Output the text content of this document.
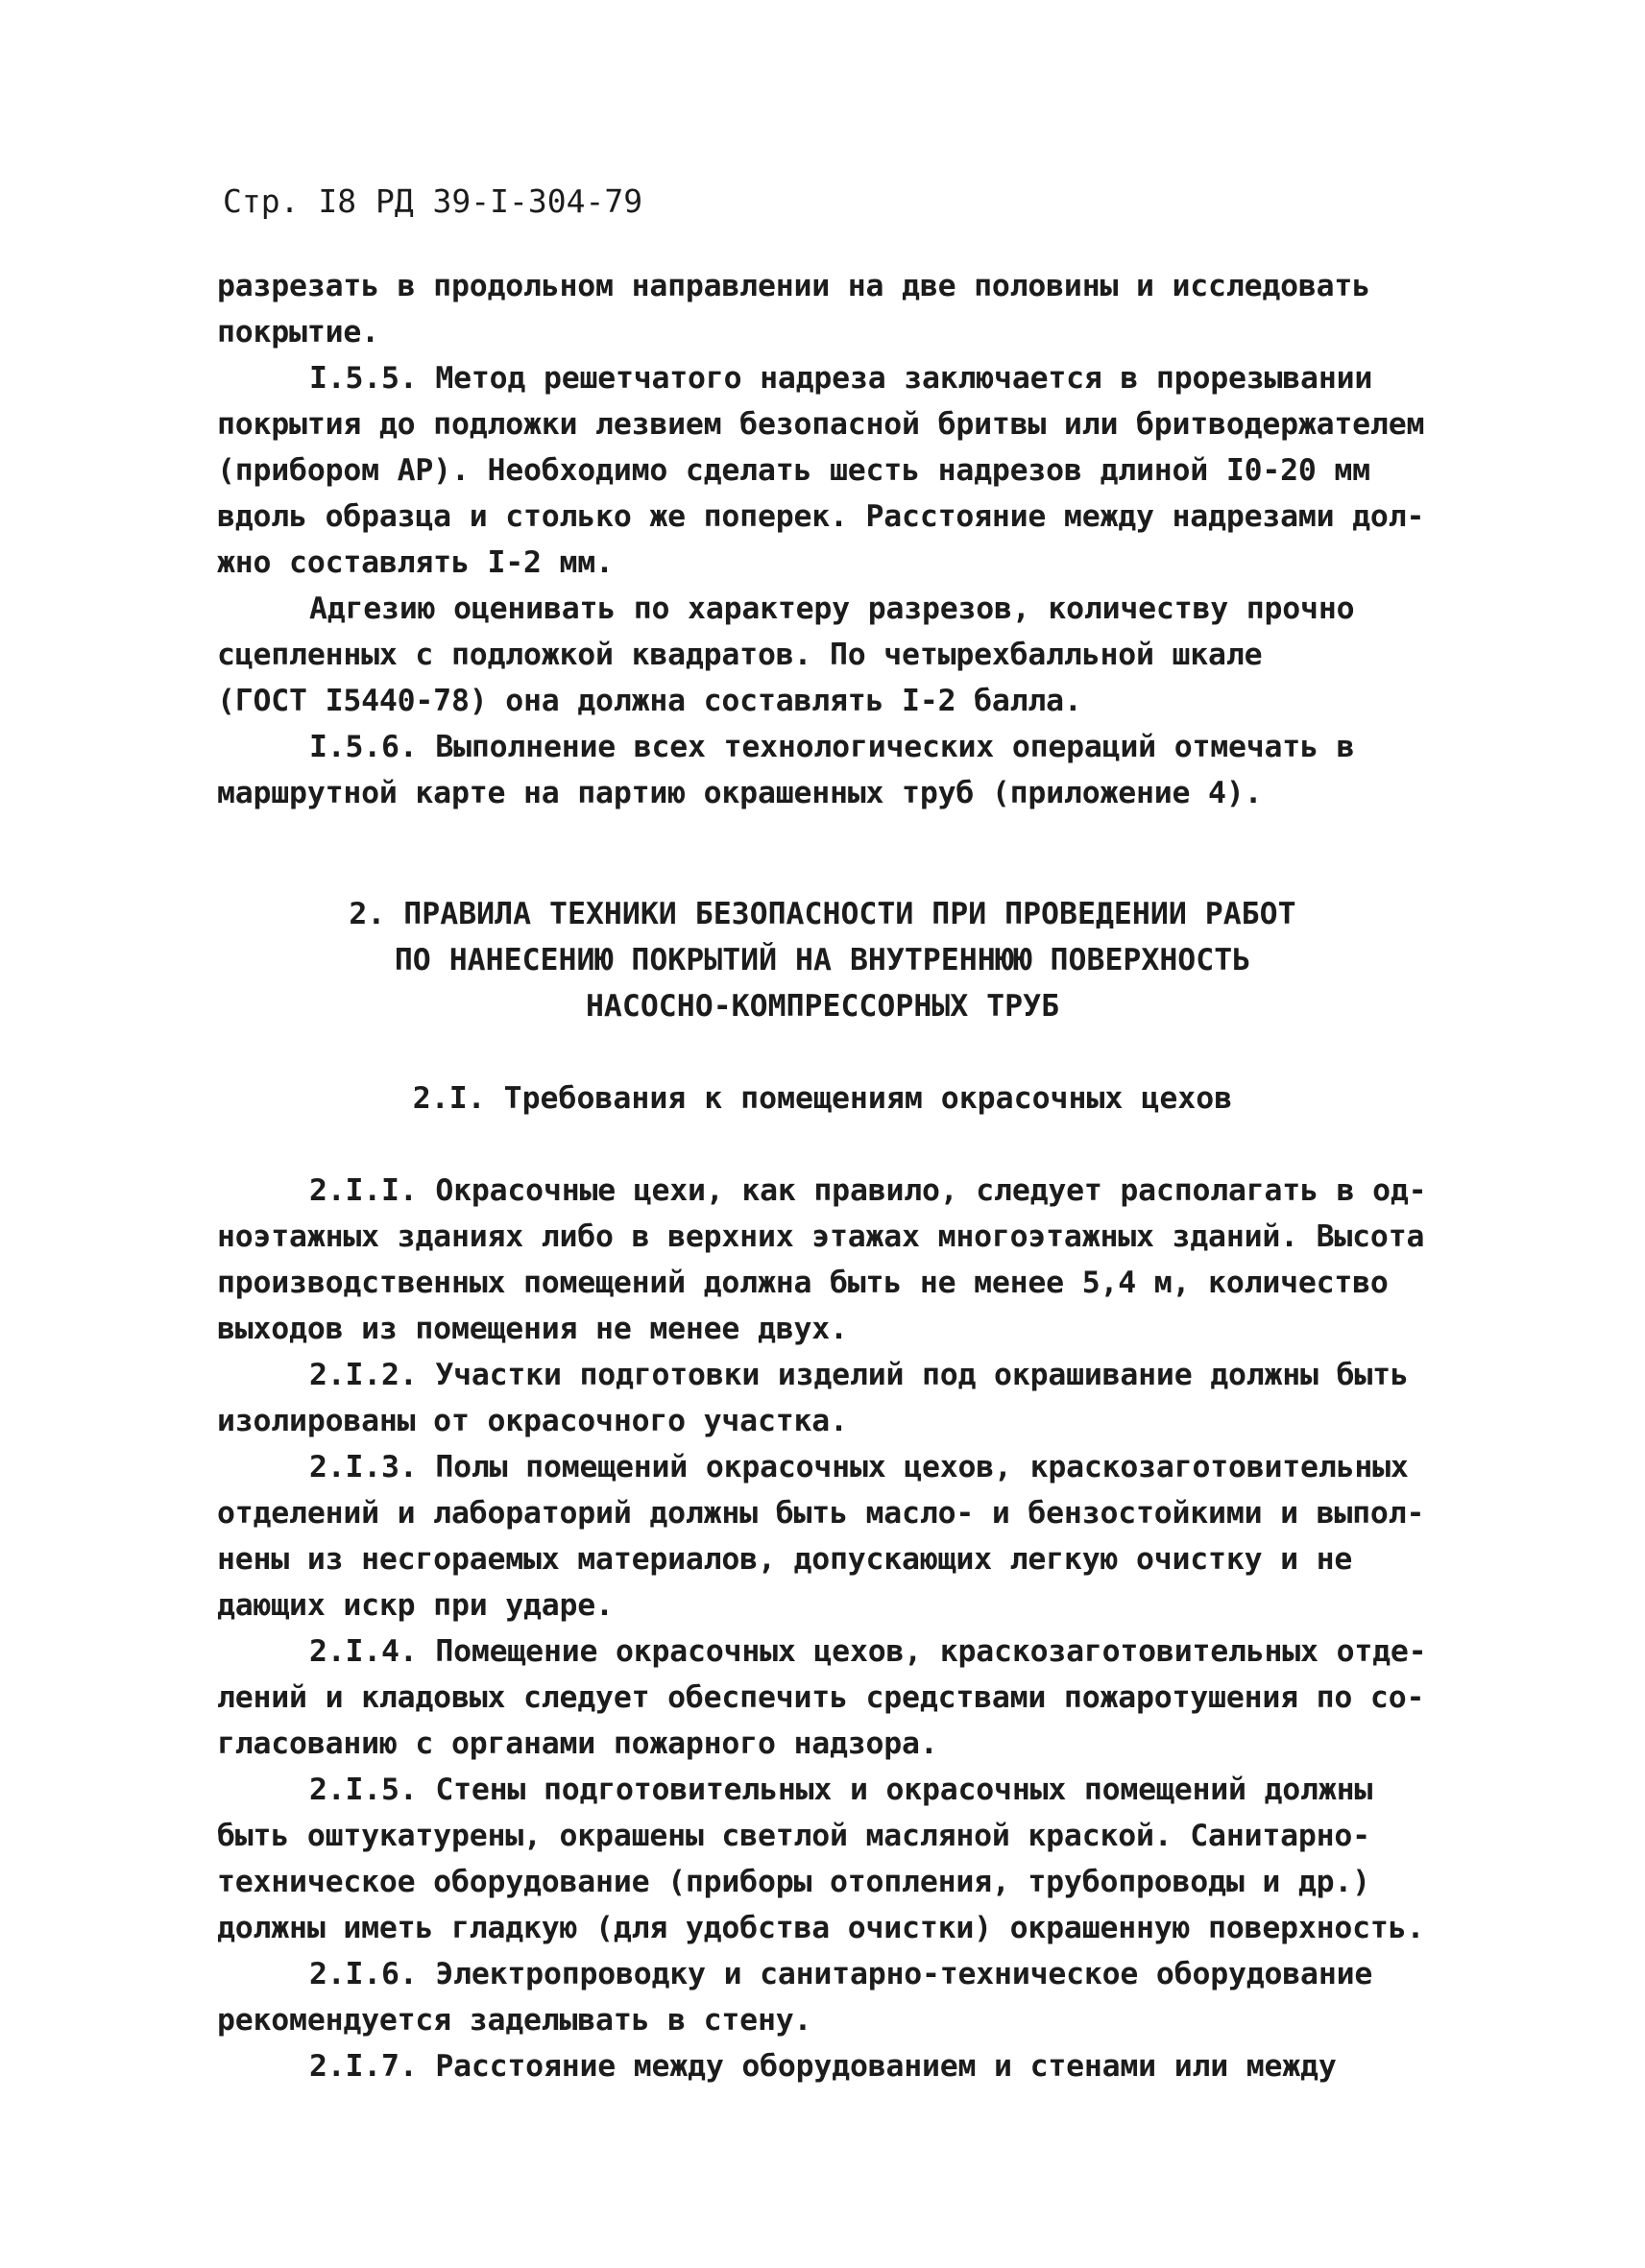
Стр. I8 РД 39-I-304-79
разрезать в продольном направлении на две половины и исследовать
покрытие.
I.5.5. Метод решетчатого надреза заключается в прорезывании
покрытия до подложки лезвием безопасной бритвы или бритводержателем
(прибором АР). Необходимо сделать шесть надрезов длиной I0-20 мм
вдоль образца и столько же поперек. Расстояние между надрезами дол-
жно составлять I-2 мм.
Адгезию оценивать по характеру разрезов, количеству прочно
сцепленных с подложкой квадратов. По четырехбалльной шкале
(ГОСТ I5440-78) она должна составлять I-2 балла.
I.5.6. Выполнение всех технологических операций отмечать в
маршрутной карте на партию окрашенных труб (приложение 4).
2. ПРАВИЛА ТЕХНИКИ БЕЗОПАСНОСТИ ПРИ ПРОВЕДЕНИИ РАБОТ
ПО НАНЕСЕНИЮ ПОКРЫТИЙ НА ВНУТРЕННЮЮ ПОВЕРХНОСТЬ
НАСОСНО-КОМПРЕССОРНЫХ ТРУБ
2.I. Требования к помещениям окрасочных цехов
2.I.I. Окрасочные цехи, как правило, следует располагать в од-
ноэтажных зданиях либо в верхних этажах многоэтажных зданий. Высота
производственных помещений должна быть не менее 5,4 м, количество
выходов из помещения не менее двух.
2.I.2. Участки подготовки изделий под окрашивание должны быть
изолированы от окрасочного участка.
2.I.3. Полы помещений окрасочных цехов, краскозаготовительных
отделений и лабораторий должны быть масло- и бензостойкими и выпол-
нены из несгораемых материалов, допускающих легкую очистку и не
дающих искр при ударе.
2.I.4. Помещение окрасочных цехов, краскозаготовительных отде-
лений и кладовых следует обеспечить средствами пожаротушения по со-
гласованию с органами пожарного надзора.
2.I.5. Стены подготовительных и окрасочных помещений должны
быть оштукатурены, окрашены светлой масляной краской. Санитарно-
техническое оборудование (приборы отопления, трубопроводы и др.)
должны иметь гладкую (для удобства очистки) окрашенную поверхность.
2.I.6. Электропроводку и санитарно-техническое оборудование
рекомендуется заделывать в стену.
2.I.7. Расстояние между оборудованием и стенами или между
